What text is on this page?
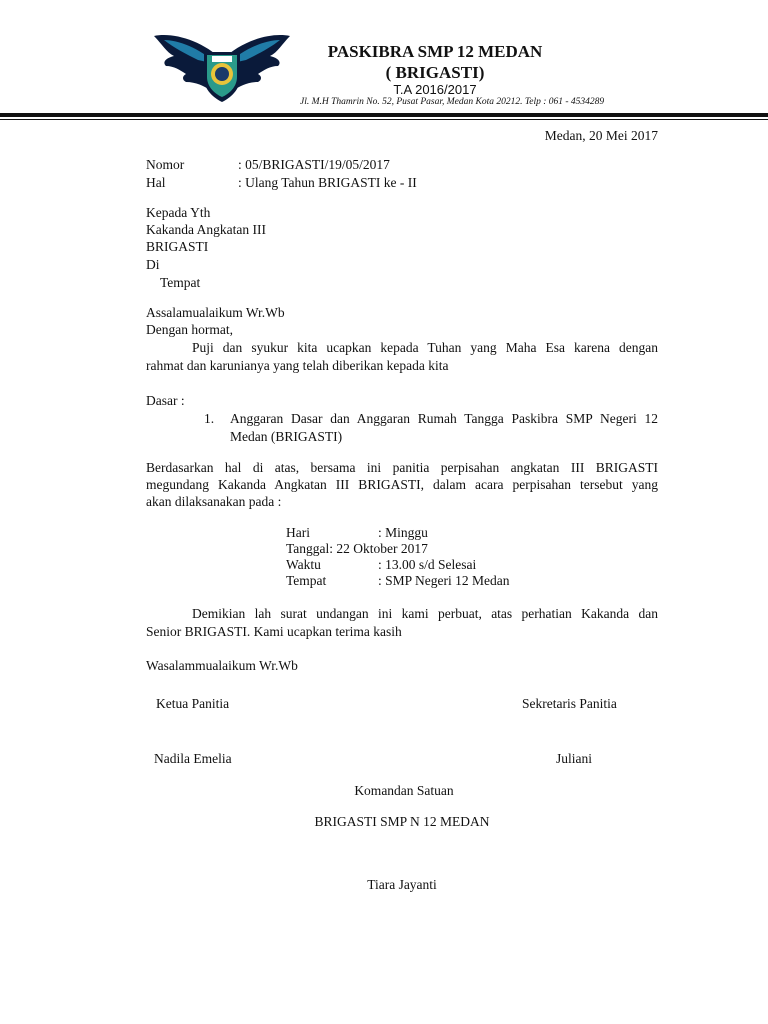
PASKIBRA SMP 12 MEDAN
( BRIGASTI)
T.A 2016/2017
Jl. M.H Thamrin No. 52, Pusat Pasar, Medan Kota 20212. Telp : 061 - 4534289
Medan, 20 Mei 2017
Nomor	: 05/BRIGASTI/19/05/2017
Hal	: Ulang Tahun BRIGASTI ke - II
Kepada Yth
Kakanda Angkatan III
BRIGASTI
Di
Tempat
Assalamualaikum Wr.Wb
Dengan hormat,
Puji dan syukur kita ucapkan kepada Tuhan yang Maha Esa karena dengan
rahmat dan karunianya yang telah diberikan kepada kita
Dasar :
1. Anggaran Dasar dan Anggaran Rumah Tangga Paskibra SMP Negeri 12
Medan (BRIGASTI)
Berdasarkan hal di atas, bersama ini panitia perpisahan angkatan III BRIGASTI
megundang Kakanda Angkatan III BRIGASTI, dalam acara perpisahan tersebut yang
akan dilaksanakan pada :
Hari	: Minggu
Tanggal: 22 Oktober 2017
Waktu	: 13.00 s/d Selesai
Tempat	: SMP Negeri 12 Medan
Demikian lah surat undangan ini kami perbuat, atas perhatian Kakanda dan
Senior BRIGASTI. Kami ucapkan terima kasih
Wasalammualaikum Wr.Wb
Ketua Panitia	Sekretaris Panitia
Nadila Emelia	Juliani
Komandan Satuan
BRIGASTI SMP N 12 MEDAN
Tiara Jayanti
